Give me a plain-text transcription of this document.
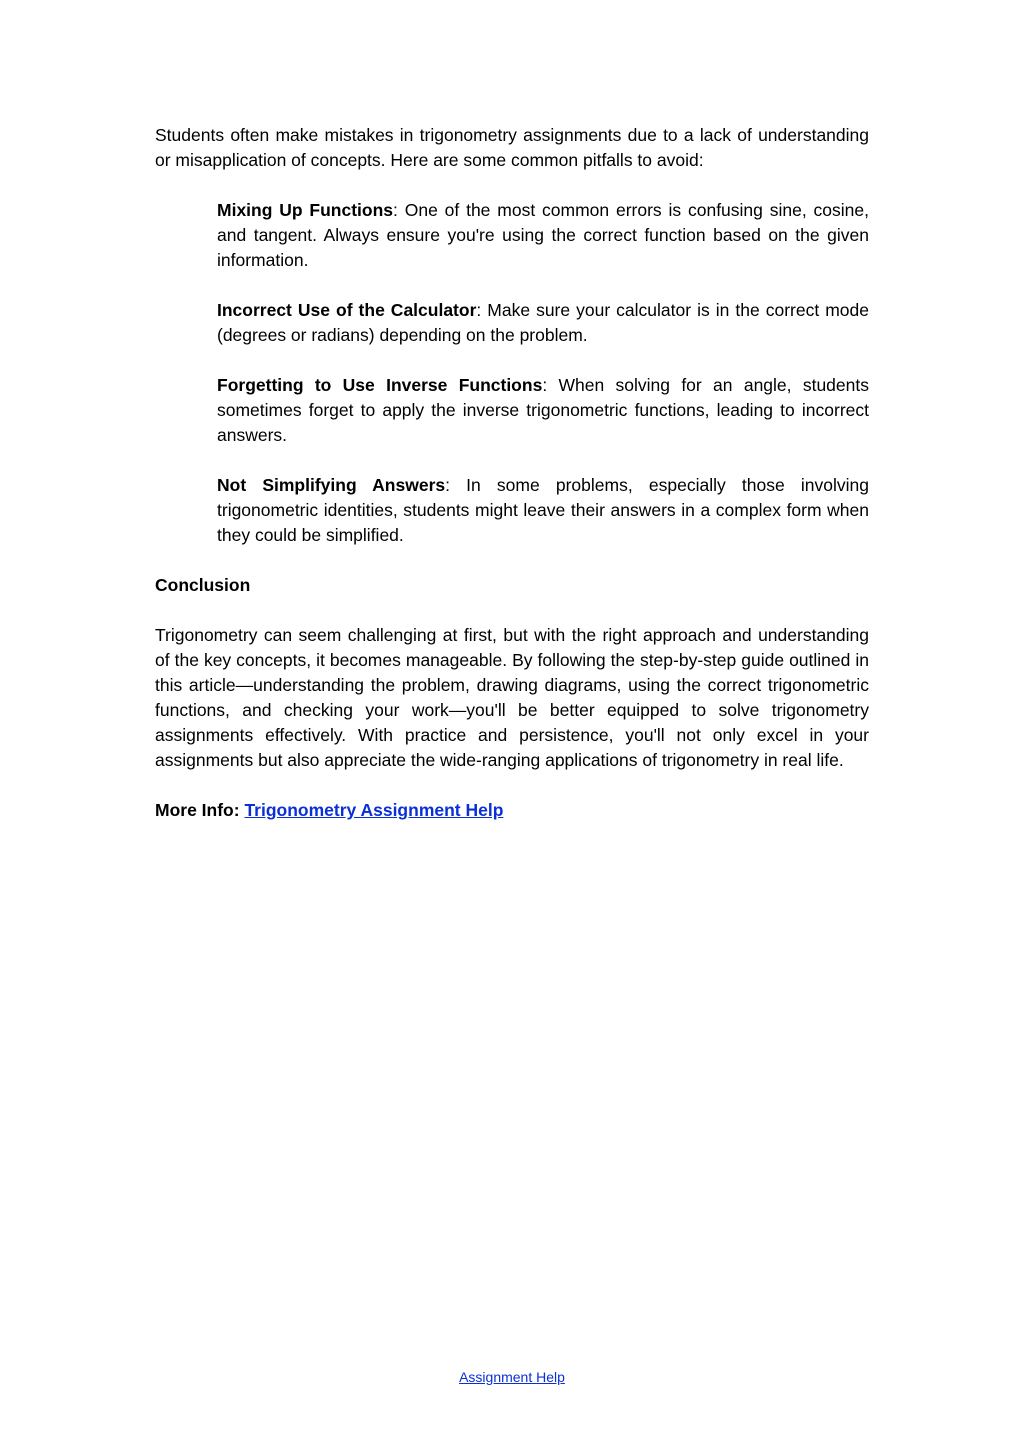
Students often make mistakes in trigonometry assignments due to a lack of understanding or misapplication of concepts. Here are some common pitfalls to avoid:

Mixing Up Functions: One of the most common errors is confusing sine, cosine, and tangent. Always ensure you're using the correct function based on the given information.

Incorrect Use of the Calculator: Make sure your calculator is in the correct mode (degrees or radians) depending on the problem.

Forgetting to Use Inverse Functions: When solving for an angle, students sometimes forget to apply the inverse trigonometric functions, leading to incorrect answers.

Not Simplifying Answers: In some problems, especially those involving trigonometric identities, students might leave their answers in a complex form when they could be simplified.

Conclusion

Trigonometry can seem challenging at first, but with the right approach and understanding of the key concepts, it becomes manageable. By following the step-by-step guide outlined in this article—understanding the problem, drawing diagrams, using the correct trigonometric functions, and checking your work—you'll be better equipped to solve trigonometry assignments effectively. With practice and persistence, you'll not only excel in your assignments but also appreciate the wide-ranging applications of trigonometry in real life.

More Info: Trigonometry Assignment Help

Assignment Help
